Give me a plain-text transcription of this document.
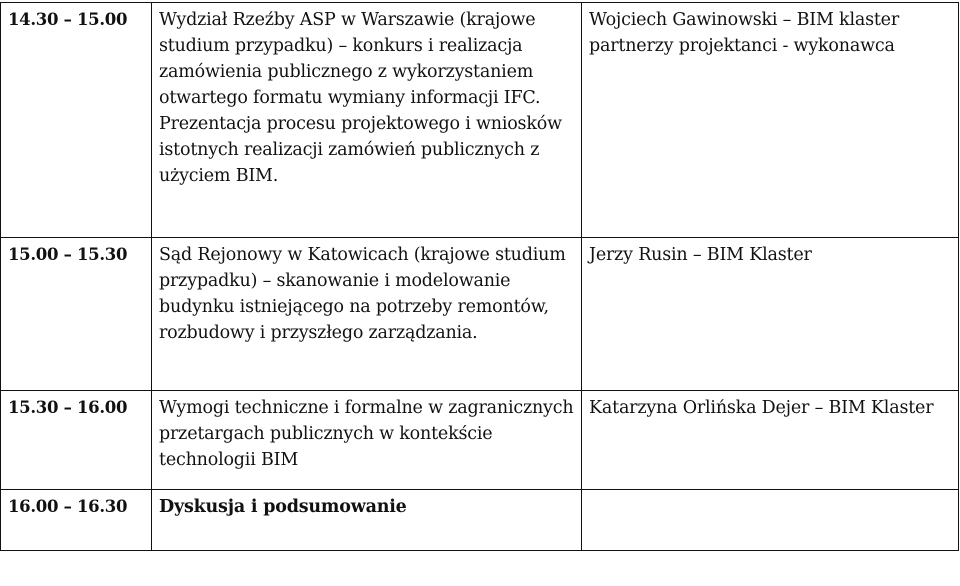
14.30 – 15.00	Wydział Rzeźby ASP w Warszawie (krajowe studium przypadku) – konkurs i realizacja zamówienia publicznego z wykorzystaniem otwartego formatu wymiany informacji IFC. Prezentacja procesu projektowego i wniosków istotnych realizacji zamówień publicznych z użyciem BIM.	Wojciech Gawinowski – BIM klaster partnerzy projektanci - wykonawca
15.00 – 15.30	Sąd Rejonowy w Katowicach (krajowe studium przypadku) – skanowanie i modelowanie budynku istniejącego na potrzeby remontów, rozbudowy i przyszłego zarządzania.	Jerzy Rusin – BIM Klaster
15.30 – 16.00	Wymogi techniczne i formalne w zagranicznych przetargach publicznych w kontekście technologii BIM	Katarzyna Orlińska Dejer – BIM Klaster
16.00 – 16.30	Dyskusja i podsumowanie	
